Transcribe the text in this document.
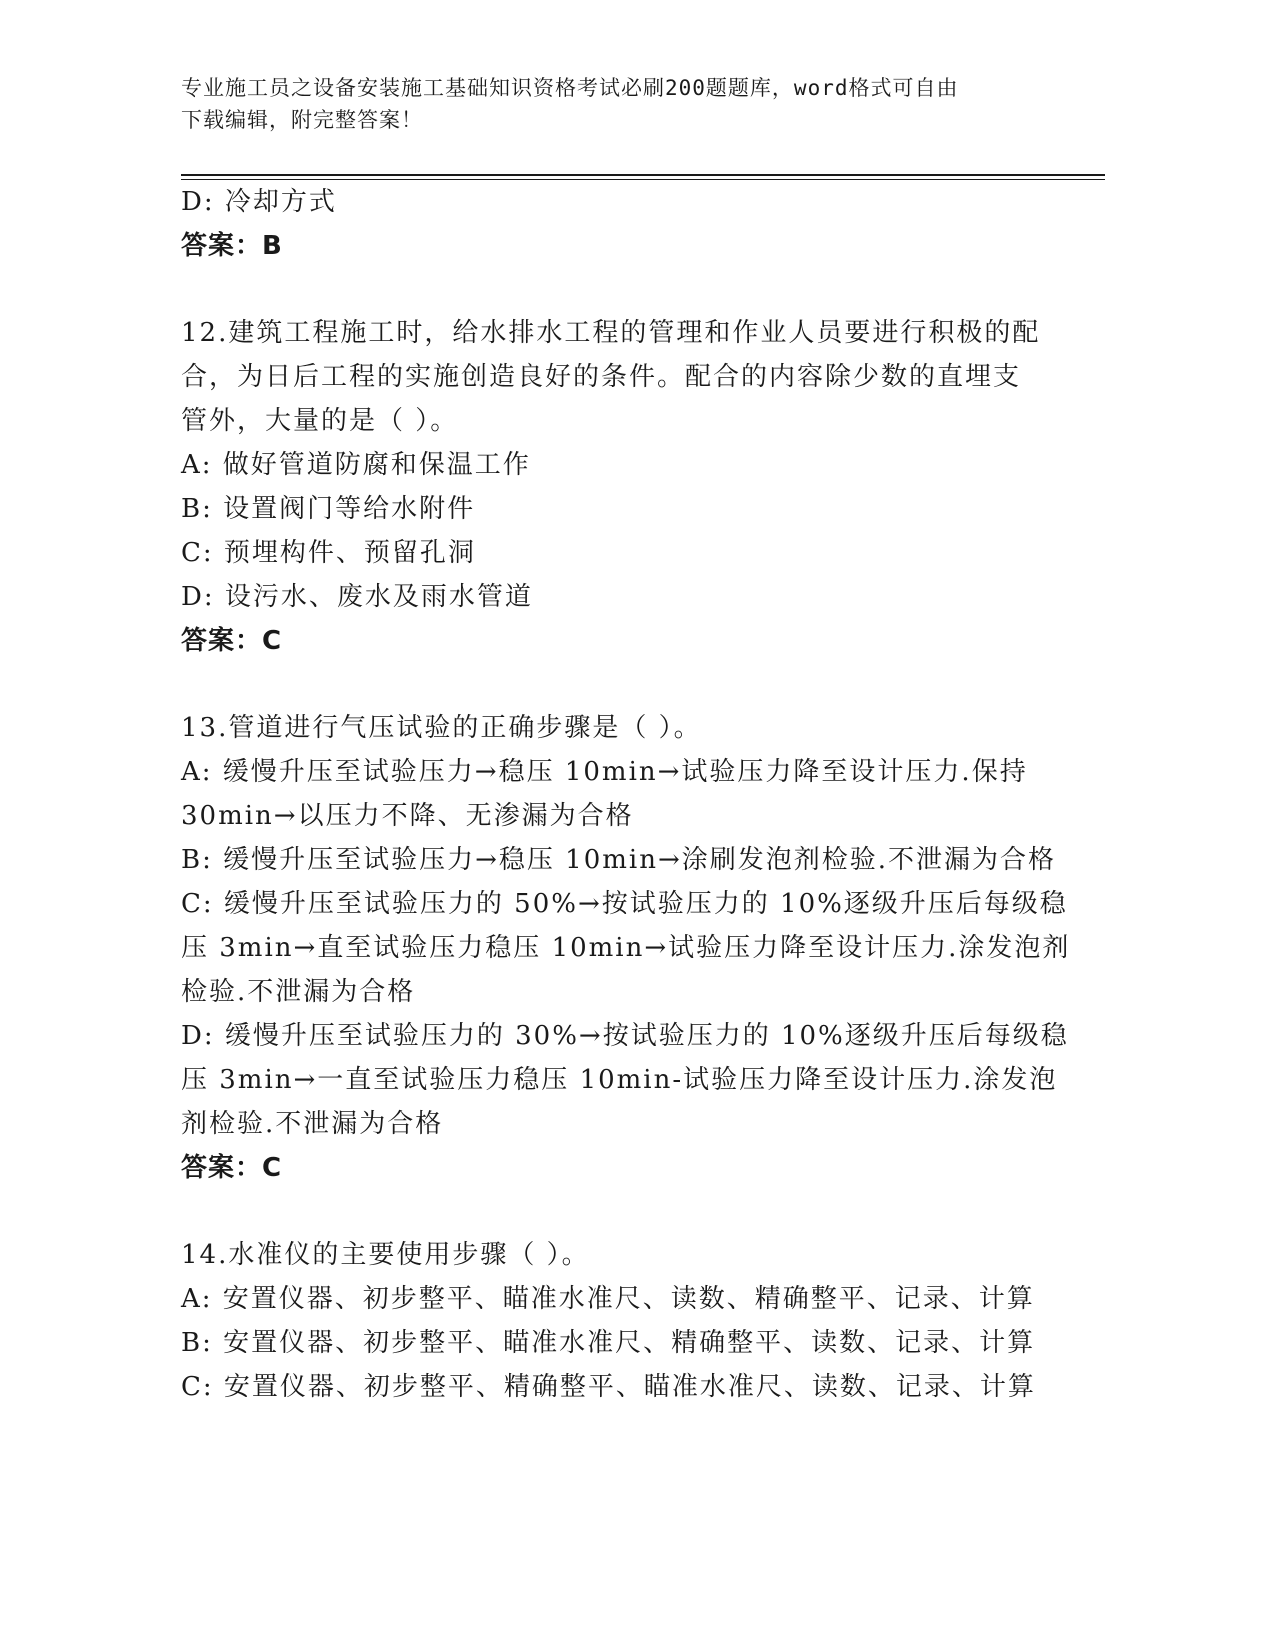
专业施工员之设备安装施工基础知识资格考试必刷200题题库，word格式可自由
下载编辑，附完整答案！
D: 冷却方式
答案：B
12.建筑工程施工时，给水排水工程的管理和作业人员要进行积极的配
合，为日后工程的实施创造良好的条件。配合的内容除少数的直埋支
管外，大量的是（ ）。
A: 做好管道防腐和保温工作
B: 设置阀门等给水附件
C: 预埋构件、预留孔洞
D: 设污水、废水及雨水管道
答案：C
13.管道进行气压试验的正确步骤是（ ）。
A: 缓慢升压至试验压力→稳压 10min→试验压力降至设计压力.保持
30min→以压力不降、无渗漏为合格
B: 缓慢升压至试验压力→稳压 10min→涂刷发泡剂检验.不泄漏为合格
C: 缓慢升压至试验压力的 50%→按试验压力的 10%逐级升压后每级稳
压 3min→直至试验压力稳压 10min→试验压力降至设计压力.涂发泡剂
检验.不泄漏为合格
D: 缓慢升压至试验压力的 30%→按试验压力的 10%逐级升压后每级稳
压 3min→一直至试验压力稳压 10min-试验压力降至设计压力.涂发泡
剂检验.不泄漏为合格
答案：C
14.水准仪的主要使用步骤（ ）。
A: 安置仪器、初步整平、瞄准水准尺、读数、精确整平、记录、计算
B: 安置仪器、初步整平、瞄准水准尺、精确整平、读数、记录、计算
C: 安置仪器、初步整平、精确整平、瞄准水准尺、读数、记录、计算
